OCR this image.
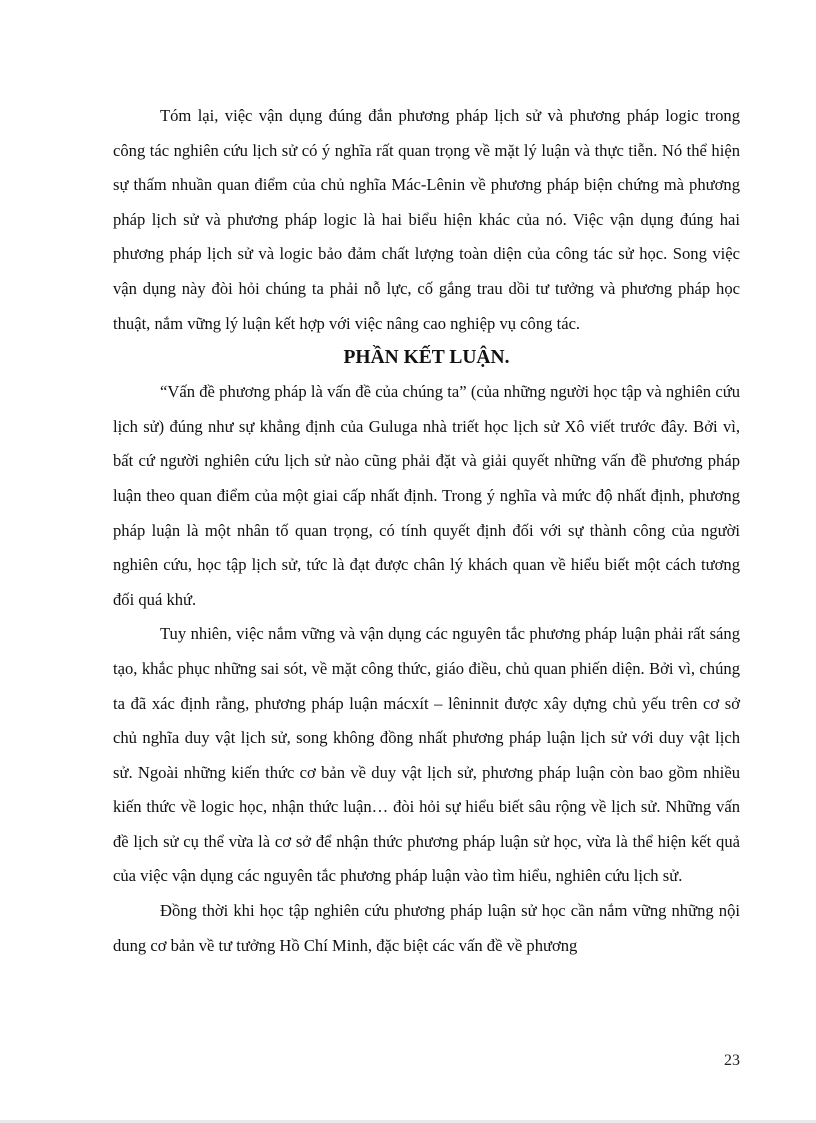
Tóm lại, việc vận dụng đúng đắn phương pháp lịch sử và phương pháp logic trong công tác nghiên cứu lịch sử có ý nghĩa rất quan trọng về mặt lý luận và thực tiễn. Nó thể hiện sự thấm nhuần quan điểm của chủ nghĩa Mác-Lênin về phương pháp biện chứng mà phương pháp lịch sử và phương pháp logic là hai biểu hiện khác của nó. Việc vận dụng đúng hai phương pháp lịch sử và logic bảo đảm chất lượng toàn diện của công tác sử học. Song việc vận dụng này đòi hỏi chúng ta phải nỗ lực, cố gắng trau dồi tư tưởng và phương pháp học thuật, nắm vững lý luận kết hợp với việc nâng cao nghiệp vụ công tác.

PHẦN KẾT LUẬN.

“Vấn đề phương pháp là vấn đề của chúng ta” (của những người học tập và nghiên cứu lịch sử) đúng như sự khẳng định của Guluga nhà triết học lịch sử Xô viết trước đây. Bởi vì, bất cứ người nghiên cứu lịch sử nào cũng phải đặt và giải quyết những vấn đề phương pháp luận theo quan điểm của một giai cấp nhất định. Trong ý nghĩa và mức độ nhất định, phương pháp luận là một nhân tố quan trọng, có tính quyết định đối với sự thành công của người nghiên cứu, học tập lịch sử, tức là đạt được chân lý khách quan về hiểu biết một cách tương đối quá khứ.

Tuy nhiên, việc nắm vững và vận dụng các nguyên tắc phương pháp luận phải rất sáng tạo, khắc phục những sai sót, về mặt công thức, giáo điều, chủ quan phiến diện. Bởi vì, chúng ta đã xác định rằng, phương pháp luận mácxít – lêninnit được xây dựng chủ yếu trên cơ sở chủ nghĩa duy vật lịch sử, song không đồng nhất phương pháp luận lịch sử với duy vật lịch sử. Ngoài những kiến thức cơ bản về duy vật lịch sử, phương pháp luận còn bao gồm nhiều kiến thức về logic học, nhận thức luận… đòi hỏi sự hiểu biết sâu rộng về lịch sử. Những vấn đề lịch sử cụ thể vừa là cơ sở để nhận thức phương pháp luận sử học, vừa là thể hiện kết quả của việc vận dụng các nguyên tắc phương pháp luận vào tìm hiểu, nghiên cứu lịch sử.

Đồng thời khi học tập nghiên cứu phương pháp luận sử học cần nắm vững những nội dung cơ bản về tư tưởng Hồ Chí Minh, đặc biệt các vấn đề về phương

23
